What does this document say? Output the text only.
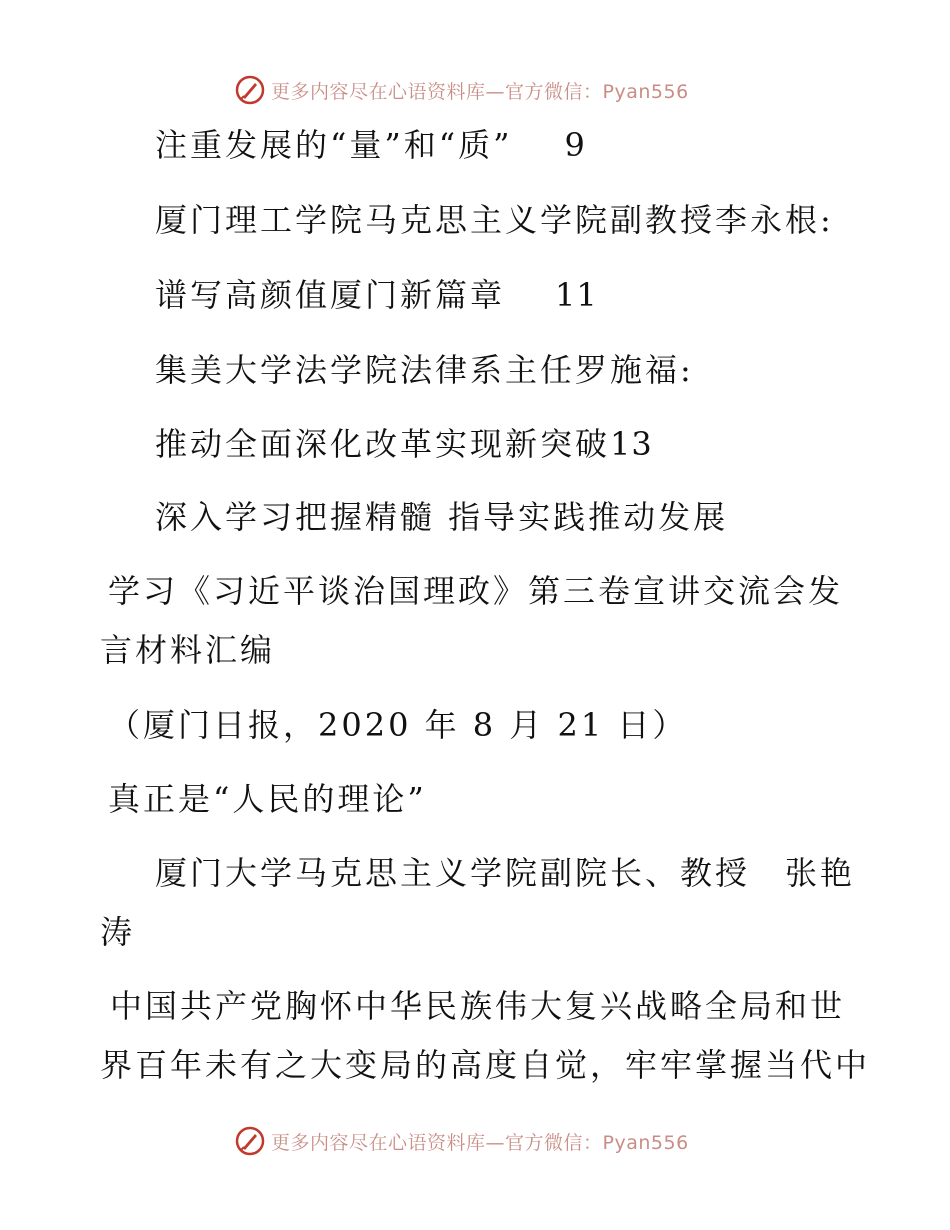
更多内容尽在心语资料库—官方微信：Pyan556
注重发展的“量”和“质” 9
厦门理工学院马克思主义学院副教授李永根:
谱写高颜值厦门新篇章 11
集美大学法学院法律系主任罗施福:
推动全面深化改革实现新突破13
深入学习把握精髓 指导实践推动发展
学习《习近平谈治国理政》第三卷宣讲交流会发
言材料汇编
（厦门日报，2020 年 8 月 21 日）
真正是“人民的理论”
厦门大学马克思主义学院副院长、教授　张艳
涛
中国共产党胸怀中华民族伟大复兴战略全局和世
界百年未有之大变局的高度自觉，牢牢掌握当代中
更多内容尽在心语资料库—官方微信：Pyan556
